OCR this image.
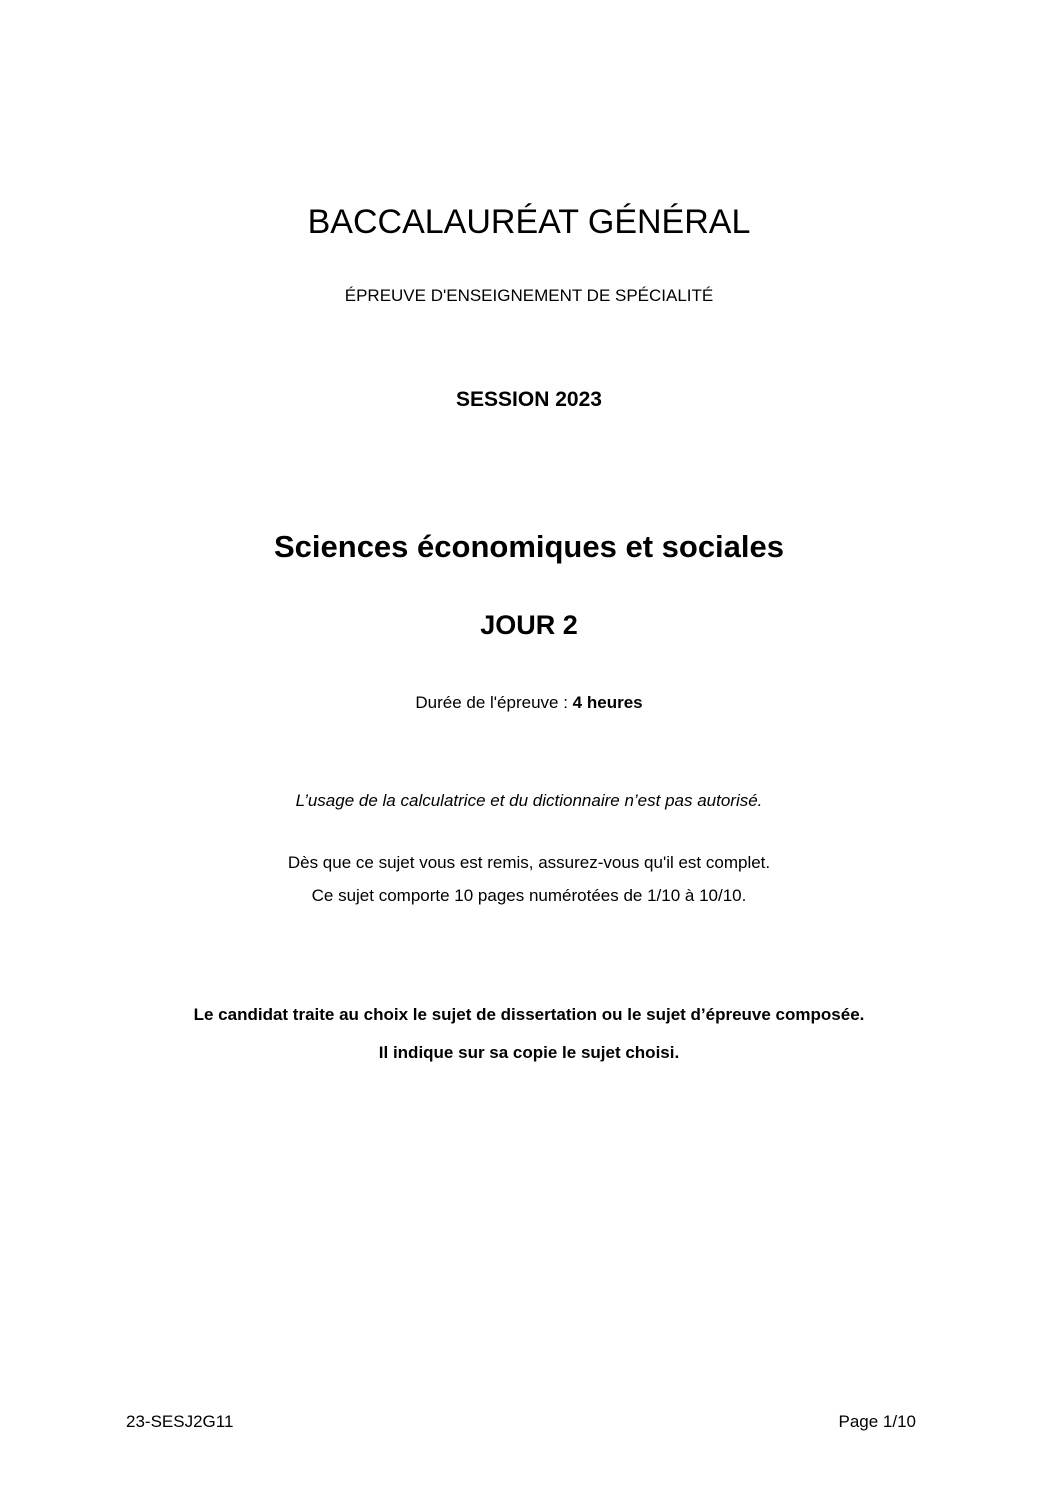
BACCALAURÉAT GÉNÉRAL
ÉPREUVE D'ENSEIGNEMENT DE SPÉCIALITÉ
SESSION 2023
Sciences économiques et sociales
JOUR 2
Durée de l'épreuve : 4 heures
L’usage de la calculatrice et du dictionnaire n’est pas autorisé.
Dès que ce sujet vous est remis, assurez-vous qu'il est complet.
Ce sujet comporte 10 pages numérotées de 1/10 à 10/10.
Le candidat traite au choix le sujet de dissertation ou le sujet d’épreuve composée.
Il indique sur sa copie le sujet choisi.
23-SESJ2G11	Page 1/10
